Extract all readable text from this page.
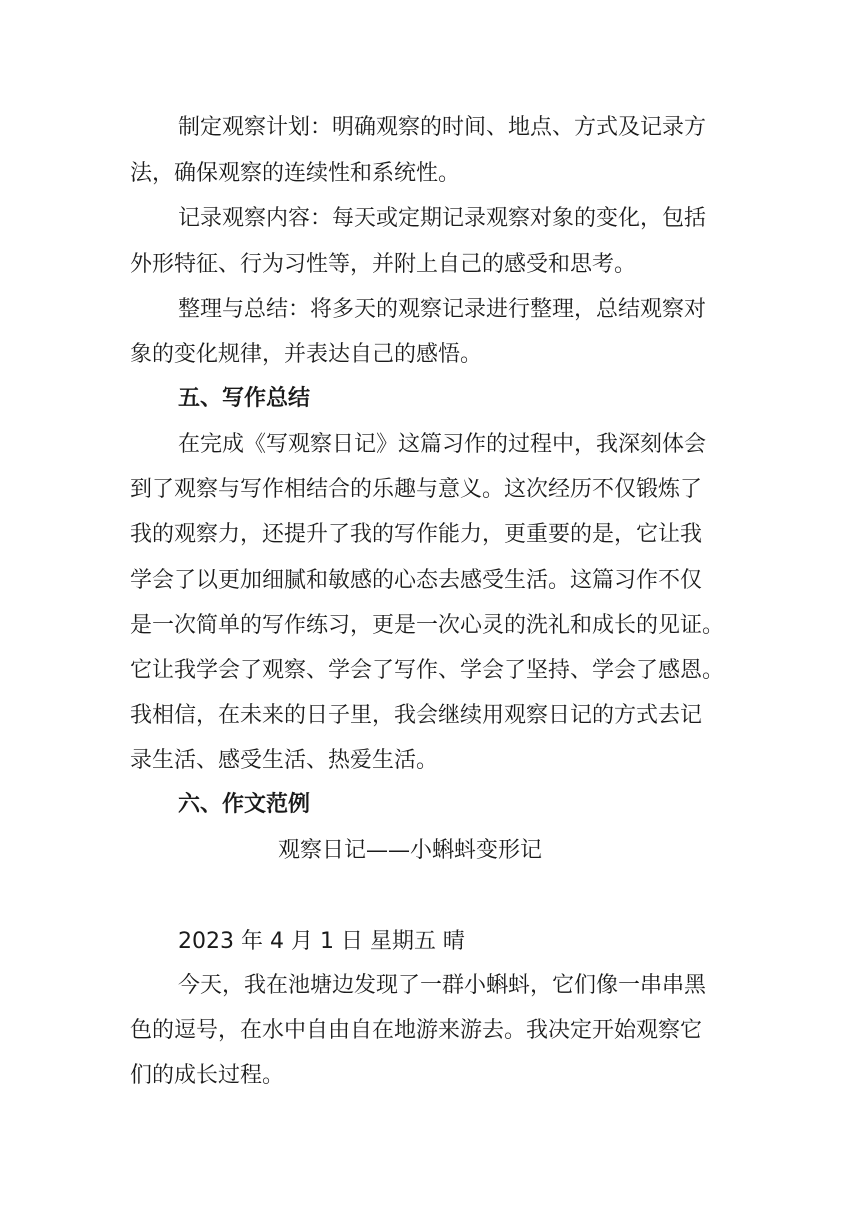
制定观察计划：明确观察的时间、地点、方式及记录方
法，确保观察的连续性和系统性。
记录观察内容：每天或定期记录观察对象的变化，包括
外形特征、行为习性等，并附上自己的感受和思考。
整理与总结：将多天的观察记录进行整理，总结观察对
象的变化规律，并表达自己的感悟。
五、写作总结
在完成《写观察日记》这篇习作的过程中，我深刻体会
到了观察与写作相结合的乐趣与意义。这次经历不仅锻炼了
我的观察力，还提升了我的写作能力，更重要的是，它让我
学会了以更加细腻和敏感的心态去感受生活。这篇习作不仅
是一次简单的写作练习，更是一次心灵的洗礼和成长的见证。
它让我学会了观察、学会了写作、学会了坚持、学会了感恩。
我相信，在未来的日子里，我会继续用观察日记的方式去记
录生活、感受生活、热爱生活。
六、作文范例
观察日记——小蝌蚪变形记
2023 年 4 月 1 日 星期五 晴
今天，我在池塘边发现了一群小蝌蚪，它们像一串串黑
色的逗号，在水中自由自在地游来游去。我决定开始观察它
们的成长过程。
